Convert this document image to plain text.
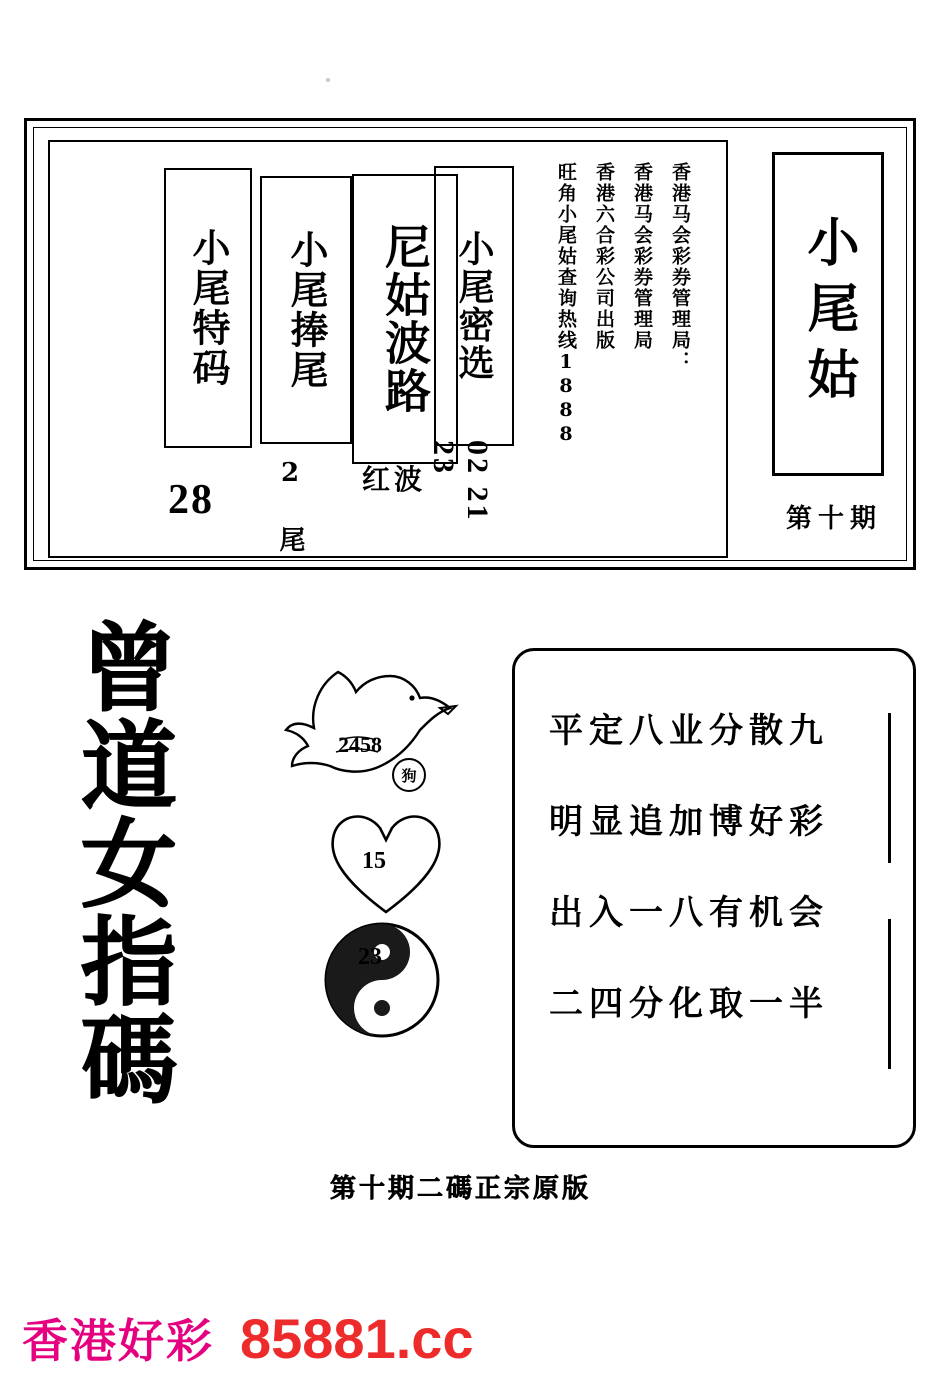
小尾姑
第十期
香港马会彩券管理局：
香港马会彩券管理局
香港六合彩公司出版
旺角小尾姑查询热线1888
小尾密选
02 21 23
尼姑波路
红波
小尾捧尾
2 尾
小尾特码
28
曾
道
女
指
碼
2458
狗
15
23
平定八业分散九
明显追加博好彩
出入一八有机会
二四分化取一半
第十期二碼正宗原版
香港好彩 85881.cc
